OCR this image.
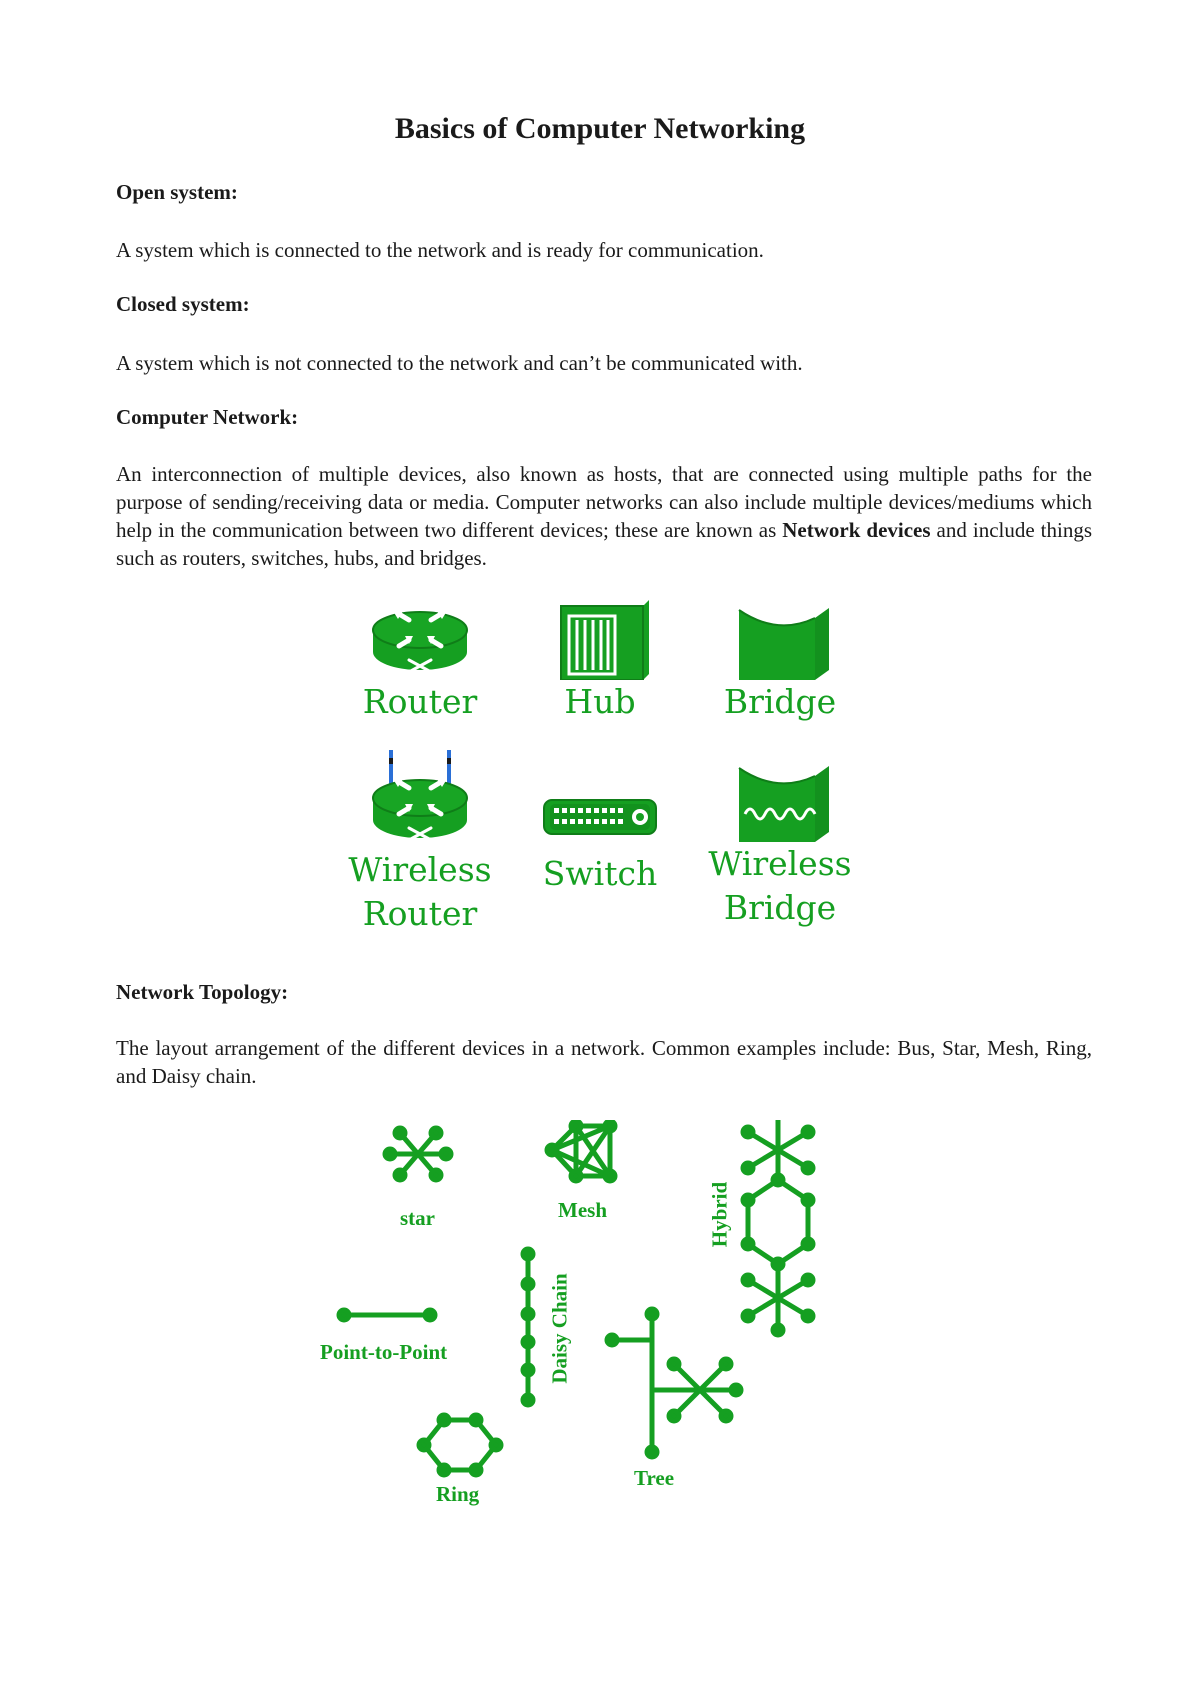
Basics of Computer Networking

Open system:

A system which is connected to the network and is ready for communication.

Closed system:

A system which is not connected to the network and can’t be communicated with.

Computer Network:

An interconnection of multiple devices, also known as hosts, that are connected using multiple paths for the purpose of sending/receiving data or media. Computer networks can also include multiple devices/mediums which help in the communication between two different devices; these are known as Network devices and include things such as routers, switches, hubs, and bridges.

Router	Hub	Bridge

Wireless

Router

Switch	Wireless

Bridge

Network Topology:

The layout arrangement of the different devices in a network. Common examples include: Bus, Star, Mesh, Ring, and Daisy chain.

star	Mesh	Hybrid

Point-to-Point	Daisy Chain

Ring

Tree
